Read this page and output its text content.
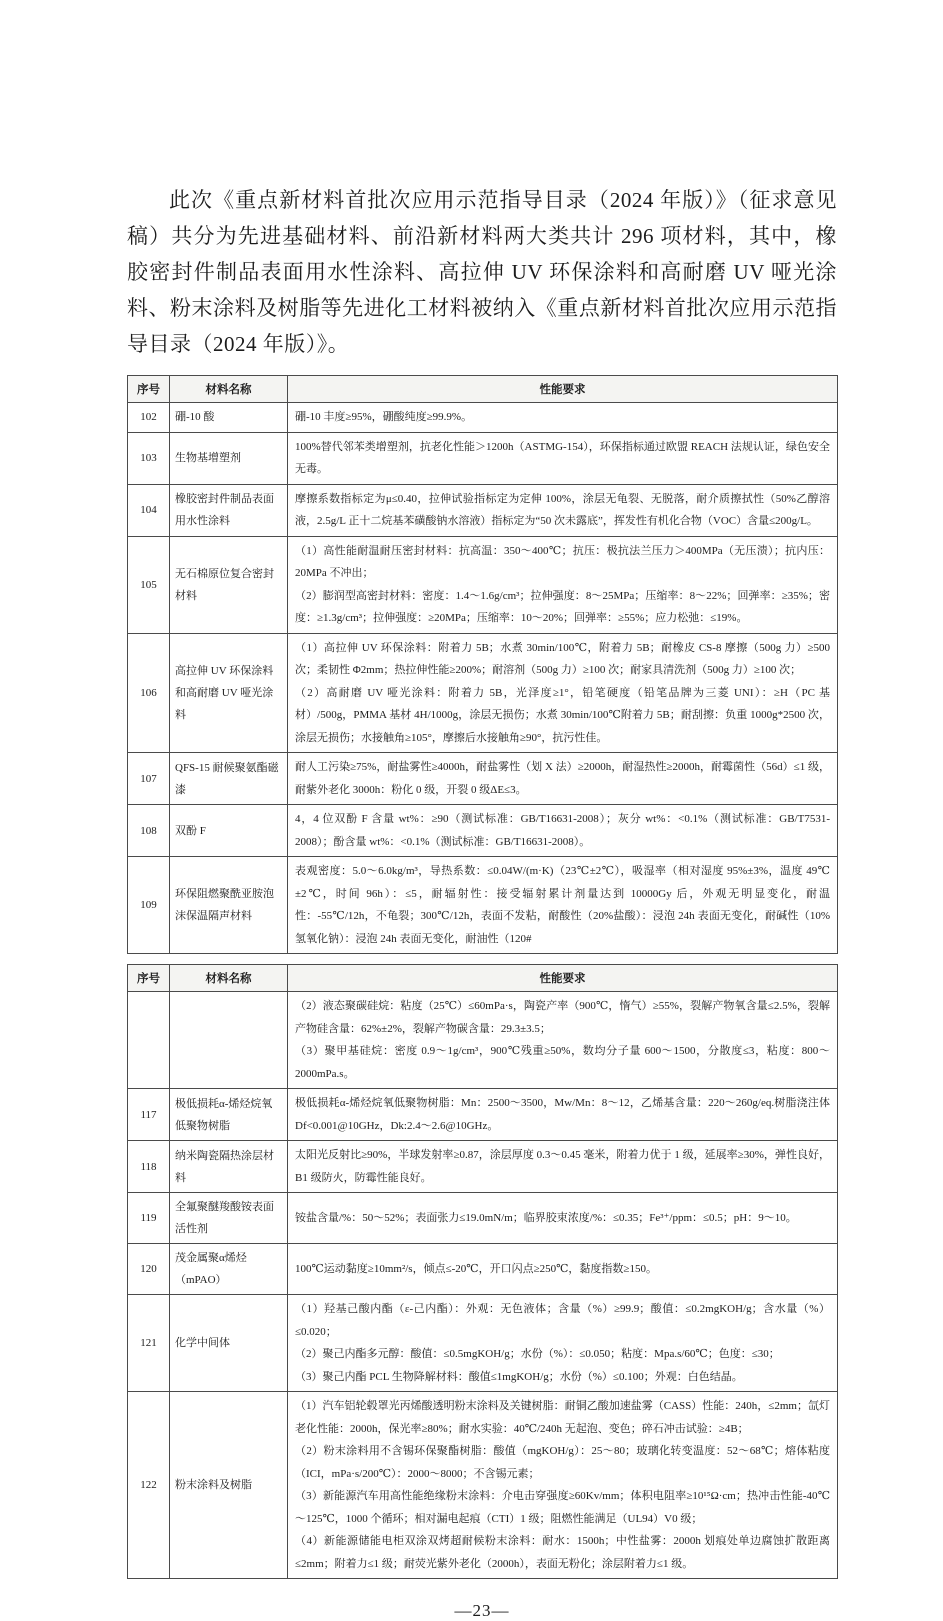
此次《重点新材料首批次应用示范指导目录（2024 年版）》（征求意见稿）共分为先进基础材料、前沿新材料两大类共计 296 项材料，其中，橡胶密封件制品表面用水性涂料、高拉伸 UV 环保涂料和高耐磨 UV 哑光涂料、粉末涂料及树脂等先进化工材料被纳入《重点新材料首批次应用示范指导目录（2024 年版）》。

序号	材料名称	性能要求
102	硼-10 酸	硼-10 丰度≥95%，硼酸纯度≥99.9%。

103	生物基增塑剂	100%替代邻苯类增塑剂，抗老化性能＞1200h（ASTMG-154），环保指标通过欧盟 REACH 法规认证，绿色安全无毒。

104	橡胶密封件制品表面用水性涂料	摩擦系数指标定为μ≤0.40，拉伸试验指标定为定伸 100%，涂层无龟裂、无脱落，耐介质擦拭性（50%乙醇溶液，2.5g/L 正十二烷基苯磺酸钠水溶液）指标定为“50 次未露底”，挥发性有机化合物（VOC）含量≤200g/L。

105	无石棉原位复合密封材料	（1）高性能耐温耐压密封材料：抗高温：350～400℃；抗压：极抗法兰压力＞400MPa（无压溃）；抗内压：20MPa 不冲出；
（2）膨润型高密封材料：密度：1.4～1.6g/cm³；拉伸强度：8～25MPa；压缩率：8～22%；回弹率：≥35%；密度：≥1.3g/cm³；拉伸强度：≥20MPa；压缩率：10～20%；回弹率：≥55%；应力松弛：≤19%。

106	高拉伸 UV 环保涂料和高耐磨 UV 哑光涂料	（1）高拉伸 UV 环保涂料：附着力 5B；水煮 30min/100℃，附着力 5B；耐橡皮 CS-8 摩擦（500g 力）≥500 次；柔韧性 Φ2mm；热拉伸性能≥200%；耐溶剂（500g 力）≥100 次；耐家具清洗剂（500g 力）≥100 次；
（2）高耐磨 UV 哑光涂料：附着力 5B，光泽度≥1°，铅笔硬度（铅笔品牌为三菱 UNI）：≥H（PC 基材）/500g，PMMA 基材 4H/1000g，涂层无损伤；水煮 30min/100℃附着力 5B；耐刮擦：负重 1000g*2500 次，涂层无损伤；水接触角≥105°，摩擦后水接触角≥90°，抗污性佳。

107	QFS-15 耐候聚氨酯磁漆	耐人工污染≥75%，耐盐雾性≥4000h，耐盐雾性（划 X 法）≥2000h，耐湿热性≥2000h，耐霉菌性（56d）≤1 级，耐紫外老化 3000h：粉化 0 级，开裂 0 级ΔE≤3。

108	双酚 F	4，4 位双酚 F 含量 wt%：≥90（测试标准：GB/T16631-2008）；灰分 wt%：<0.1%（测试标准：GB/T7531-2008）；酚含量 wt%：<0.1%（测试标准：GB/T16631-2008）。

109	环保阻燃聚酰亚胺泡沫保温隔声材料	表观密度：5.0～6.0kg/m³，导热系数：≤0.04W/(m·K)（23℃±2℃），吸湿率（相对湿度 95%±3%，温度 49℃±2℃，时间 96h）：≤5，耐辐射性：接受辐射累计剂量达到 10000Gy 后，外观无明显变化，耐温性：-55℃/12h，不龟裂；300℃/12h，表面不发粘，耐酸性（20%盐酸）：浸泡 24h 表面无变化，耐碱性（10%氢氧化钠）：浸泡 24h 表面无变化，耐油性（120#
序号	材料名称	性能要求

		（2）液态聚碳硅烷：粘度（25℃）≤60mPa·s，陶瓷产率（900℃，惰气）≥55%，裂解产物氧含量≤2.5%，裂解产物硅含量：62%±2%，裂解产物碳含量：29.3±3.5；
（3）聚甲基硅烷：密度 0.9～1g/cm³，900℃残重≥50%，数均分子量 600～1500，分散度≤3，粘度：800～2000mPa.s。

117	极低损耗α-烯烃烷氧低聚物树脂	极低损耗α-烯烃烷氧低聚物树脂：Mn：2500～3500，Mw/Mn：8～12，乙烯基含量：220～260g/eq.树脂浇注体 Df<0.001@10GHz，Dk:2.4～2.6@10GHz。

118	纳米陶瓷隔热涂层材料	太阳光反射比≥90%，半球发射率≥0.87，涂层厚度 0.3～0.45 毫米，附着力优于 1 级，延展率≥30%，弹性良好，B1 级防火，防霉性能良好。

119	全氟聚醚羧酸铵表面活性剂	铵盐含量/%：50～52%；表面张力≤19.0mN/m；临界胶束浓度/%：≤0.35；Fe³⁺/ppm：≤0.5；pH：9～10。

120	茂金属聚α烯烃（mPAO）	100℃运动黏度≥10mm²/s，倾点≤-20℃，开口闪点≥250℃，黏度指数≥150。

121	化学中间体	（1）羟基己酸内酯（ε-己内酯）：外观：无色液体；含量（%）≥99.9；酸值：≤0.2mgKOH/g；含水量（%）≤0.020；
（2）聚己内酯多元醇：酸值：≤0.5mgKOH/g；水份（%）：≤0.050；粘度：Mpa.s/60℃；色度：≤30；
（3）聚己内酯 PCL 生物降解材料：酸值≤1mgKOH/g；水份（%）≤0.100；外观：白色结晶。

122	粉末涂料及树脂	（1）汽车铝轮毂罩光丙烯酸透明粉末涂料及关键树脂：耐铜乙酸加速盐雾（CASS）性能：240h，≤2mm；氙灯老化性能：2000h，保光率≥80%；耐水实验：40℃/240h 无起泡、变色；碎石冲击试验：≥4B；
（2）粉末涂料用不含锡环保聚酯树脂：酸值（mgKOH/g）：25～80；玻璃化转变温度：52～68℃；熔体粘度（ICI，mPa·s/200℃）：2000～8000；不含锡元素；
（3）新能源汽车用高性能绝缘粉末涂料：介电击穿强度≥60Kv/mm；体积电阻率≥10¹⁵Ω·cm；热冲击性能-40℃～125℃，1000 个循环；相对漏电起痕（CTI）1 级；阻燃性能满足（UL94）V0 级；
（4）新能源储能电柜双涂双烤超耐候粉末涂料：耐水：1500h；中性盐雾：2000h 划痕处单边腐蚀扩散距离≤2mm；附着力≤1 级；耐荧光紫外老化（2000h），表面无粉化；涂层附着力≤1 级。
—23—
